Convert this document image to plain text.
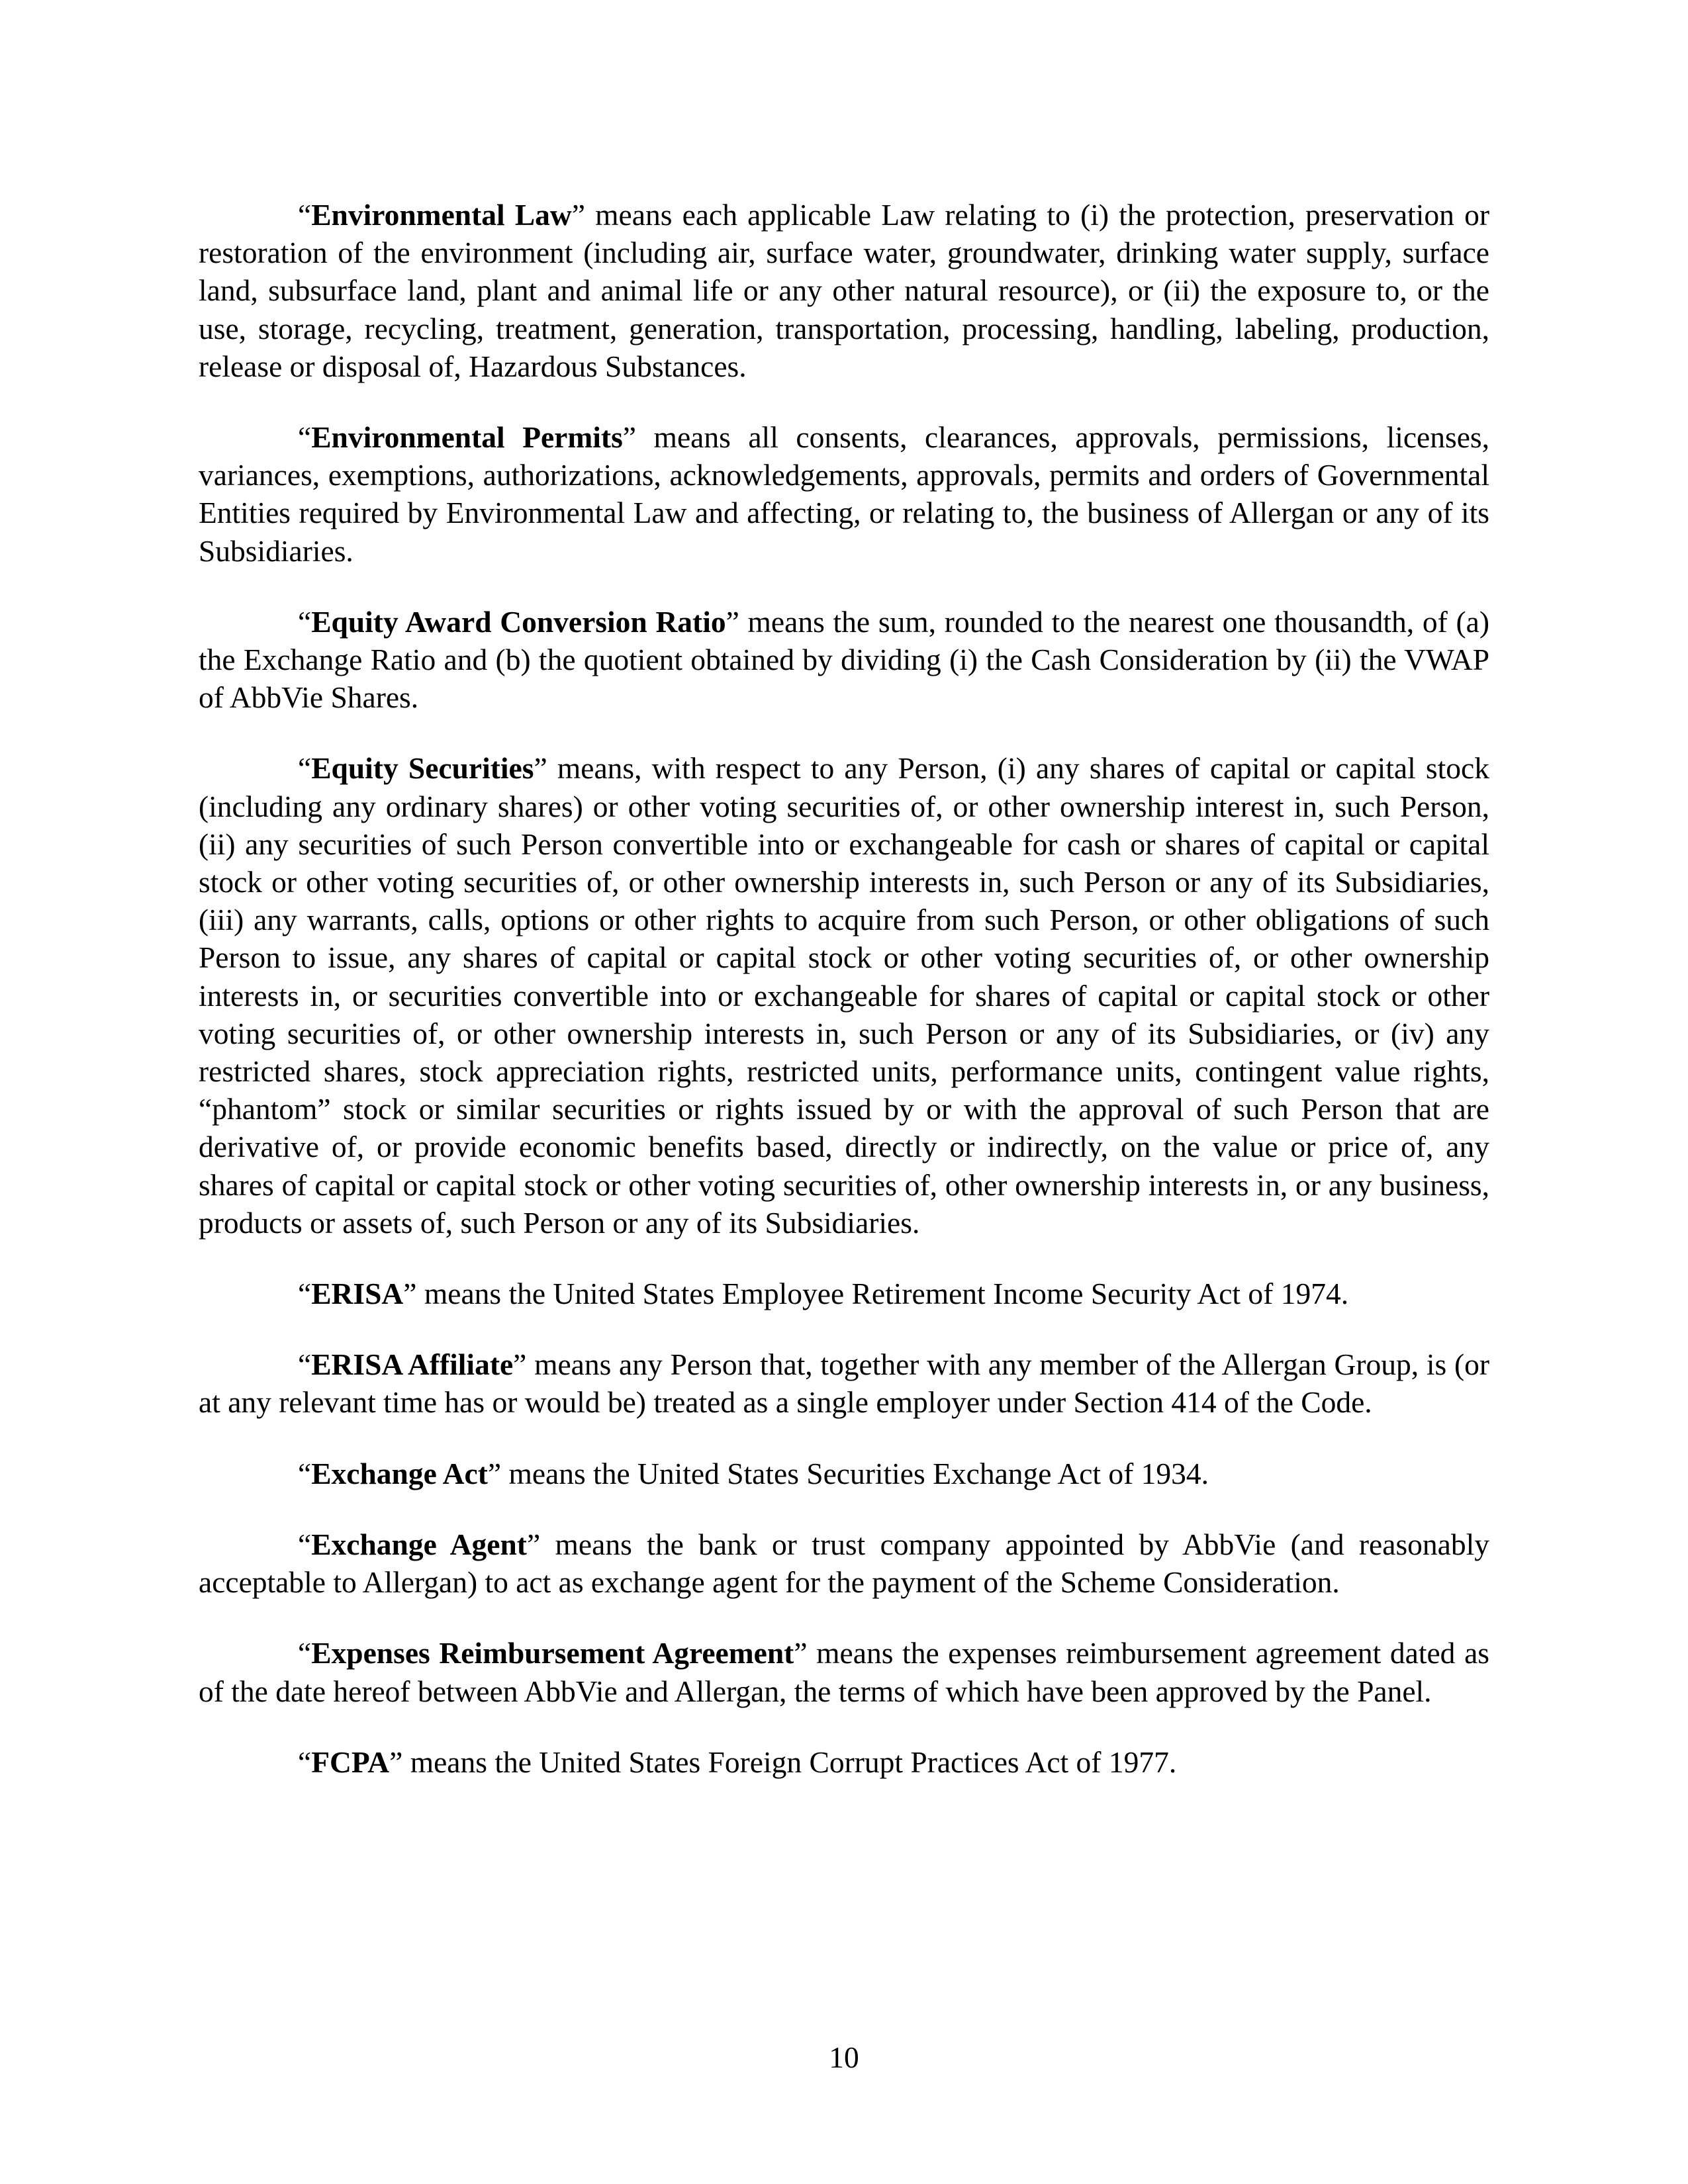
“Environmental Law” means each applicable Law relating to (i) the protection, preservation or restoration of the environment (including air, surface water, groundwater, drinking water supply, surface land, subsurface land, plant and animal life or any other natural resource), or (ii) the exposure to, or the use, storage, recycling, treatment, generation, transportation, processing, handling, labeling, production, release or disposal of, Hazardous Substances.

“Environmental Permits” means all consents, clearances, approvals, permissions, licenses, variances, exemptions, authorizations, acknowledgements, approvals, permits and orders of Governmental Entities required by Environmental Law and affecting, or relating to, the business of Allergan or any of its Subsidiaries.

“Equity Award Conversion Ratio” means the sum, rounded to the nearest one thousandth, of (a) the Exchange Ratio and (b) the quotient obtained by dividing (i) the Cash Consideration by (ii) the VWAP of AbbVie Shares.

“Equity Securities” means, with respect to any Person, (i) any shares of capital or capital stock (including any ordinary shares) or other voting securities of, or other ownership interest in, such Person, (ii) any securities of such Person convertible into or exchangeable for cash or shares of capital or capital stock or other voting securities of, or other ownership interests in, such Person or any of its Subsidiaries, (iii) any warrants, calls, options or other rights to acquire from such Person, or other obligations of such Person to issue, any shares of capital or capital stock or other voting securities of, or other ownership interests in, or securities convertible into or exchangeable for shares of capital or capital stock or other voting securities of, or other ownership interests in, such Person or any of its Subsidiaries, or (iv) any restricted shares, stock appreciation rights, restricted units, performance units, contingent value rights, “phantom” stock or similar securities or rights issued by or with the approval of such Person that are derivative of, or provide economic benefits based, directly or indirectly, on the value or price of, any shares of capital or capital stock or other voting securities of, other ownership interests in, or any business, products or assets of, such Person or any of its Subsidiaries.

“ERISA” means the United States Employee Retirement Income Security Act of 1974.

“ERISA Affiliate” means any Person that, together with any member of the Allergan Group, is (or at any relevant time has or would be) treated as a single employer under Section 414 of the Code.

“Exchange Act” means the United States Securities Exchange Act of 1934.

“Exchange Agent” means the bank or trust company appointed by AbbVie (and reasonably acceptable to Allergan) to act as exchange agent for the payment of the Scheme Consideration.

“Expenses Reimbursement Agreement” means the expenses reimbursement agreement dated as of the date hereof between AbbVie and Allergan, the terms of which have been approved by the Panel.

“FCPA” means the United States Foreign Corrupt Practices Act of 1977.

10
